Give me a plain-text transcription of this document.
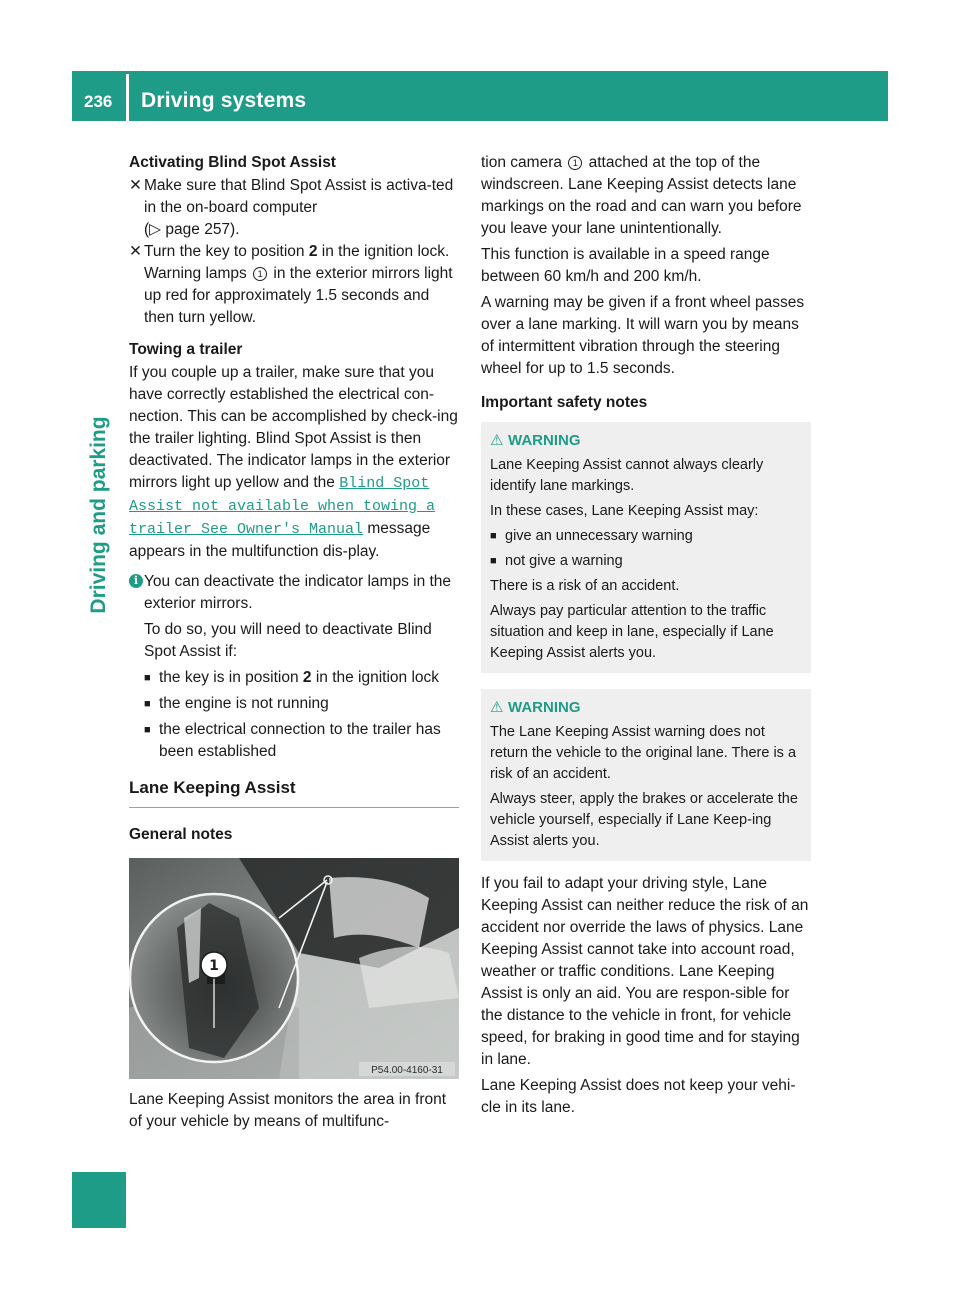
236 Driving systems
Driving and parking

Activating Blind Spot Assist

✕ Make sure that Blind Spot Assist is activa-ted in the on-board computer
(▷ page 257).

✕ Turn the key to position 2 in the ignition lock.
Warning lamps 1 in the exterior mirrors light up red for approximately 1.5 seconds and then turn yellow.

Towing a trailer

If you couple up a trailer, make sure that you have correctly established the electrical con-nection. This can be accomplished by check-ing the trailer lighting. Blind Spot Assist is then deactivated. The indicator lamps in the exterior mirrors light up yellow and the Blind Spot Assist not available when towing a trailer See Owner's Manual message appears in the multifunction dis-play.

i You can deactivate the indicator lamps in the exterior mirrors.

To do so, you will need to deactivate Blind Spot Assist if:

■ the key is in position 2 in the ignition lock

■ the engine is not running

■ the electrical connection to the trailer has been established

Lane Keeping Assist

General notes

1
P54.00-4160-31

Lane Keeping Assist monitors the area in front of your vehicle by means of multifunc-

tion camera 1 attached at the top of the windscreen. Lane Keeping Assist detects lane markings on the road and can warn you before you leave your lane unintentionally.

This function is available in a speed range between 60 km/h and 200 km/h.

A warning may be given if a front wheel passes over a lane marking. It will warn you by means of intermittent vibration through the steering wheel for up to 1.5 seconds.

Important safety notes

⚠ WARNING

Lane Keeping Assist cannot always clearly identify lane markings.

In these cases, Lane Keeping Assist may:

■ give an unnecessary warning

■ not give a warning

There is a risk of an accident.

Always pay particular attention to the traffic situation and keep in lane, especially if Lane Keeping Assist alerts you.

⚠ WARNING

The Lane Keeping Assist warning does not return the vehicle to the original lane. There is a risk of an accident.

Always steer, apply the brakes or accelerate the vehicle yourself, especially if Lane Keep-ing Assist alerts you.

If you fail to adapt your driving style, Lane Keeping Assist can neither reduce the risk of an accident nor override the laws of physics. Lane Keeping Assist cannot take into account road, weather or traffic conditions. Lane Keeping Assist is only an aid. You are respon-sible for the distance to the vehicle in front, for vehicle speed, for braking in good time and for staying in lane.

Lane Keeping Assist does not keep your vehi-cle in its lane.
